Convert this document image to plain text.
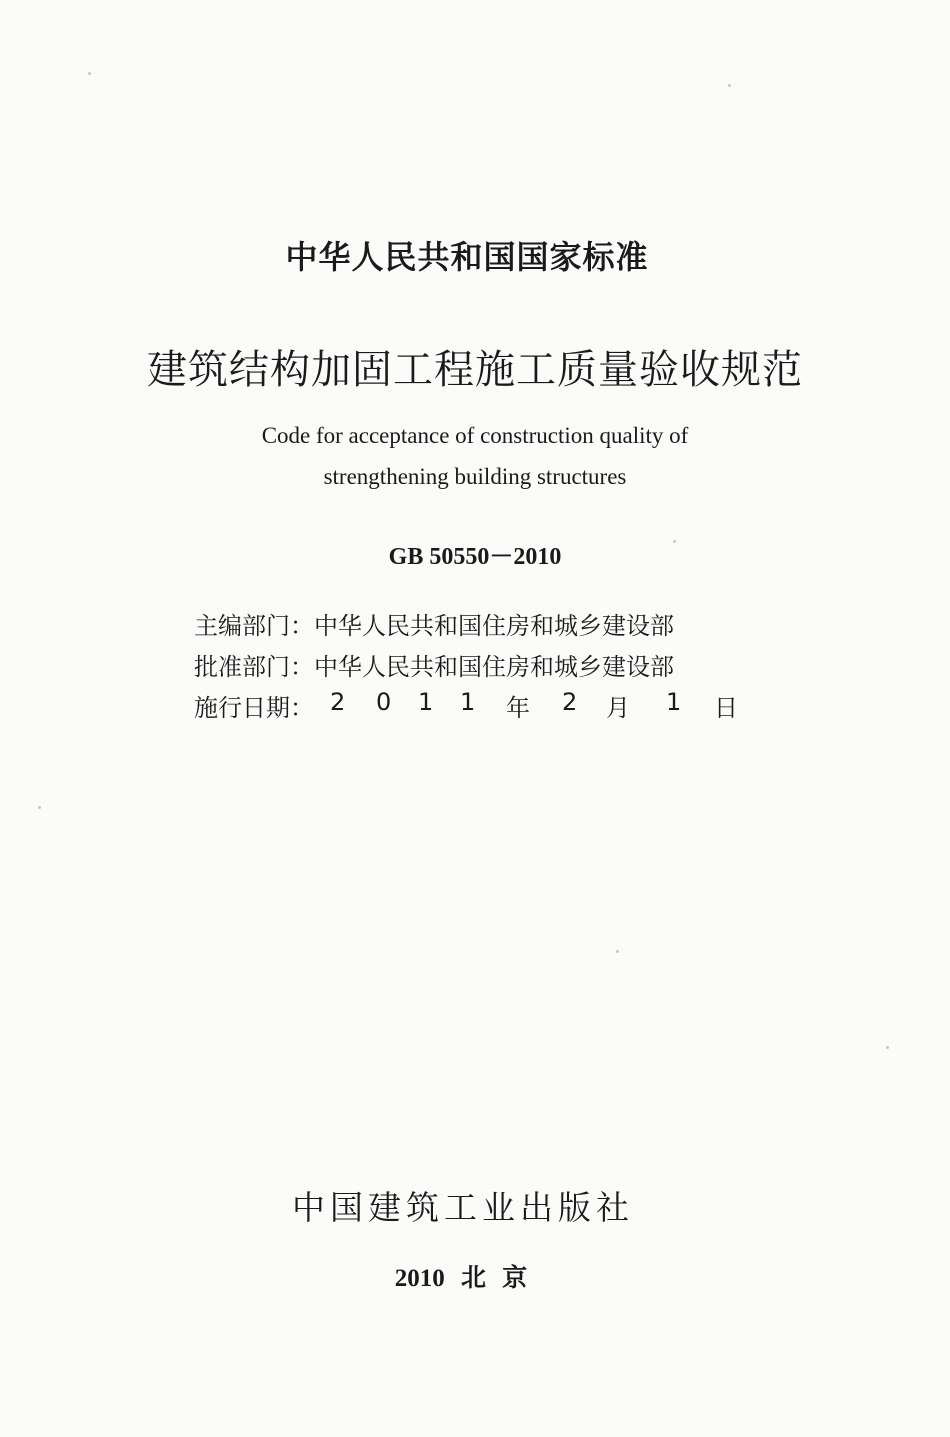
中华人民共和国国家标准
建筑结构加固工程施工质量验收规范
Code for acceptance of construction quality of
strengthening building structures
GB 50550－2010
主编部门：中华人民共和国住房和城乡建设部
批准部门：中华人民共和国住房和城乡建设部
施行日期： 2 0 1 1 年 2 月 1 日
中国建筑工业出版社
2010 北 京
